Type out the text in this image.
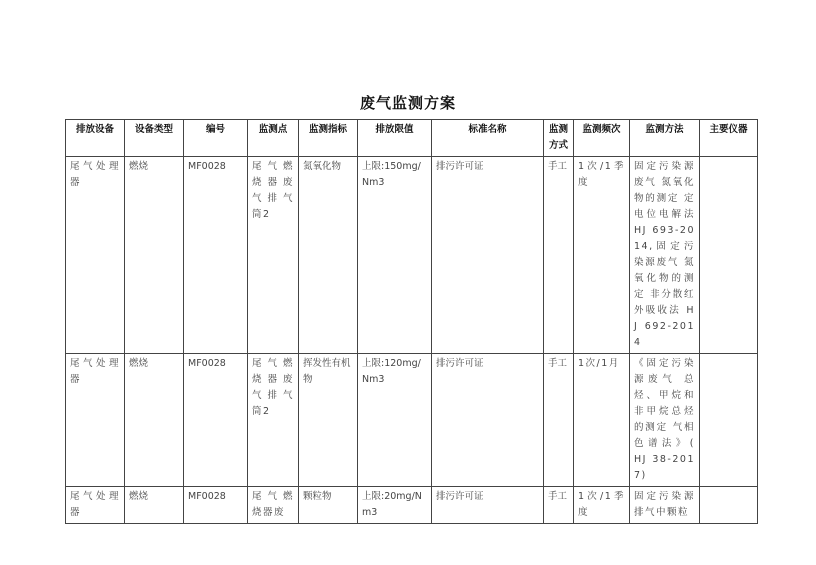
废气监测方案
排放设备	设备类型	编号	监测点	监测指标	排放限值	标准名称	监测方式	监测频次	监测方法	主要仪器
尾气处理器	燃烧	MF0028	尾气燃烧器废气排气筒2	氮氧化物	上限:150mg/Nm3	排污许可证	手工	1次/1季度	固定污染源废气 氮氧化物的测定 定电位电解法 HJ 693-2014,固定污染源废气 氮氧化物的测定 非分散红外吸收法 HJ 692-2014	
尾气处理器	燃烧	MF0028	尾气燃烧器废气排气筒2	挥发性有机物	上限:120mg/Nm3	排污许可证	手工	1次/1月	《固定污染源废气 总烃、甲烷和非甲烷总烃的测定 气相色谱法》( HJ 38-2017)	
尾气处理器	燃烧	MF0028	尾气燃烧器废	颗粒物	上限:20mg/Nm3	排污许可证	手工	1次/1季度	固定污染源排气中颗粒	
